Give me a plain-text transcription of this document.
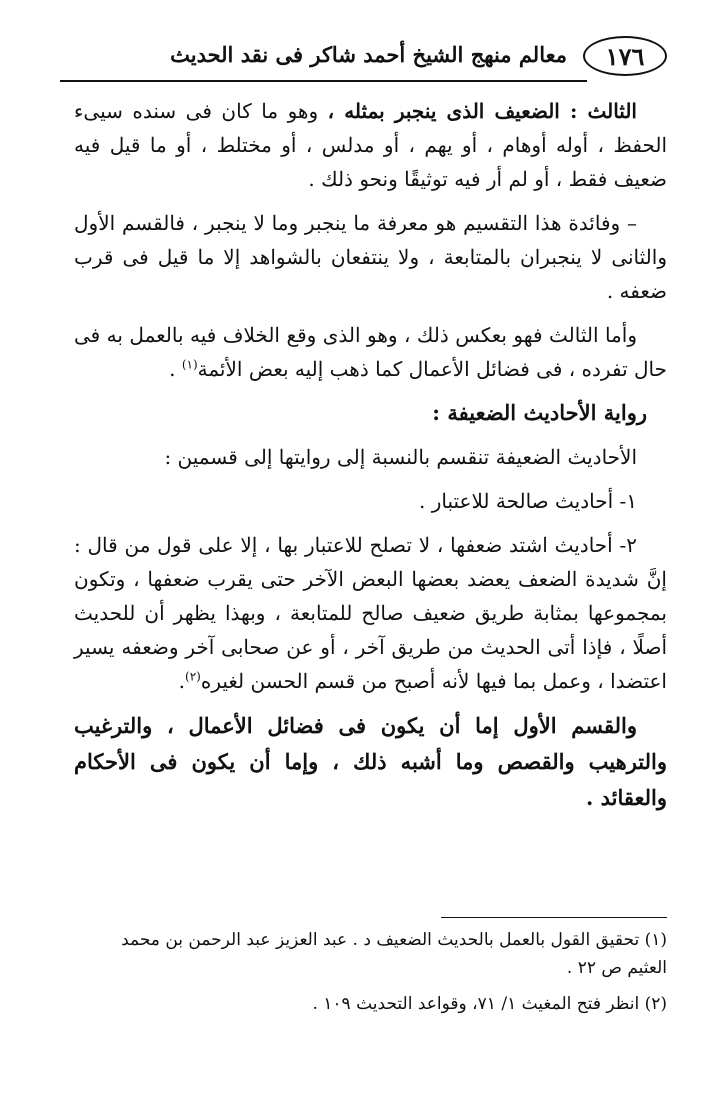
١٧٦
معالم منهج الشيخ أحمد شاكر فى نقد الحديث

الثالث : الضعيف الذى ينجبر بمثله ، وهو ما كان فى سنده سيىء الحفظ ، أوله أوهام ، أو يهم ، أو مدلس ، أو مختلط ، أو ما قيل فيه ضعيف فقط ، أو لم أر فيه توثيقًا ونحو ذلك .

– وفائدة هذا التقسيم هو معرفة ما ينجبر وما لا ينجبر ، فالقسم الأول والثانى لا ينجبران بالمتابعة ، ولا ينتفعان بالشواهد إلا ما قيل فى قرب ضعفه .

وأما الثالث فهو بعكس ذلك ، وهو الذى وقع الخلاف فيه بالعمل به فى حال تفرده ، فى فضائل الأعمال كما ذهب إليه بعض الأئمة$^{(١)}$ .

رواية الأحاديث الضعيفة :

الأحاديث الضعيفة تنقسم بالنسبة إلى روايتها إلى قسمين :

١- أحاديث صالحة للاعتبار .

٢- أحاديث اشتد ضعفها ، لا تصلح للاعتبار بها ، إلا على قول من قال : إنَّ شديدة الضعف يعضد بعضها البعض الآخر حتى يقرب ضعفها ، وتكون بمجموعها بمثابة طريق ضعيف صالح للمتابعة ، وبهذا يظهر أن للحديث أصلًا ، فإذا أتى الحديث من طريق آخر ، أو عن صحابى آخر وضعفه يسير اعتضدا ، وعمل بما فيها لأنه أصبح من قسم الحسن لغيره$^{(٢)}$.

والقسم الأول إما أن يكون فى فضائل الأعمال ، والترغيب والترهيب والقصص وما أشبه ذلك ، وإما أن يكون فى الأحكام والعقائد .

(١) تحقيق القول بالعمل بالحديث الضعيف د . عبد العزيز عبد الرحمن بن محمد العثيم ص ٢٢ .

(٢) انظر فتح المغيث ١/ ٧١، وقواعد التحديث ١٠٩ .
